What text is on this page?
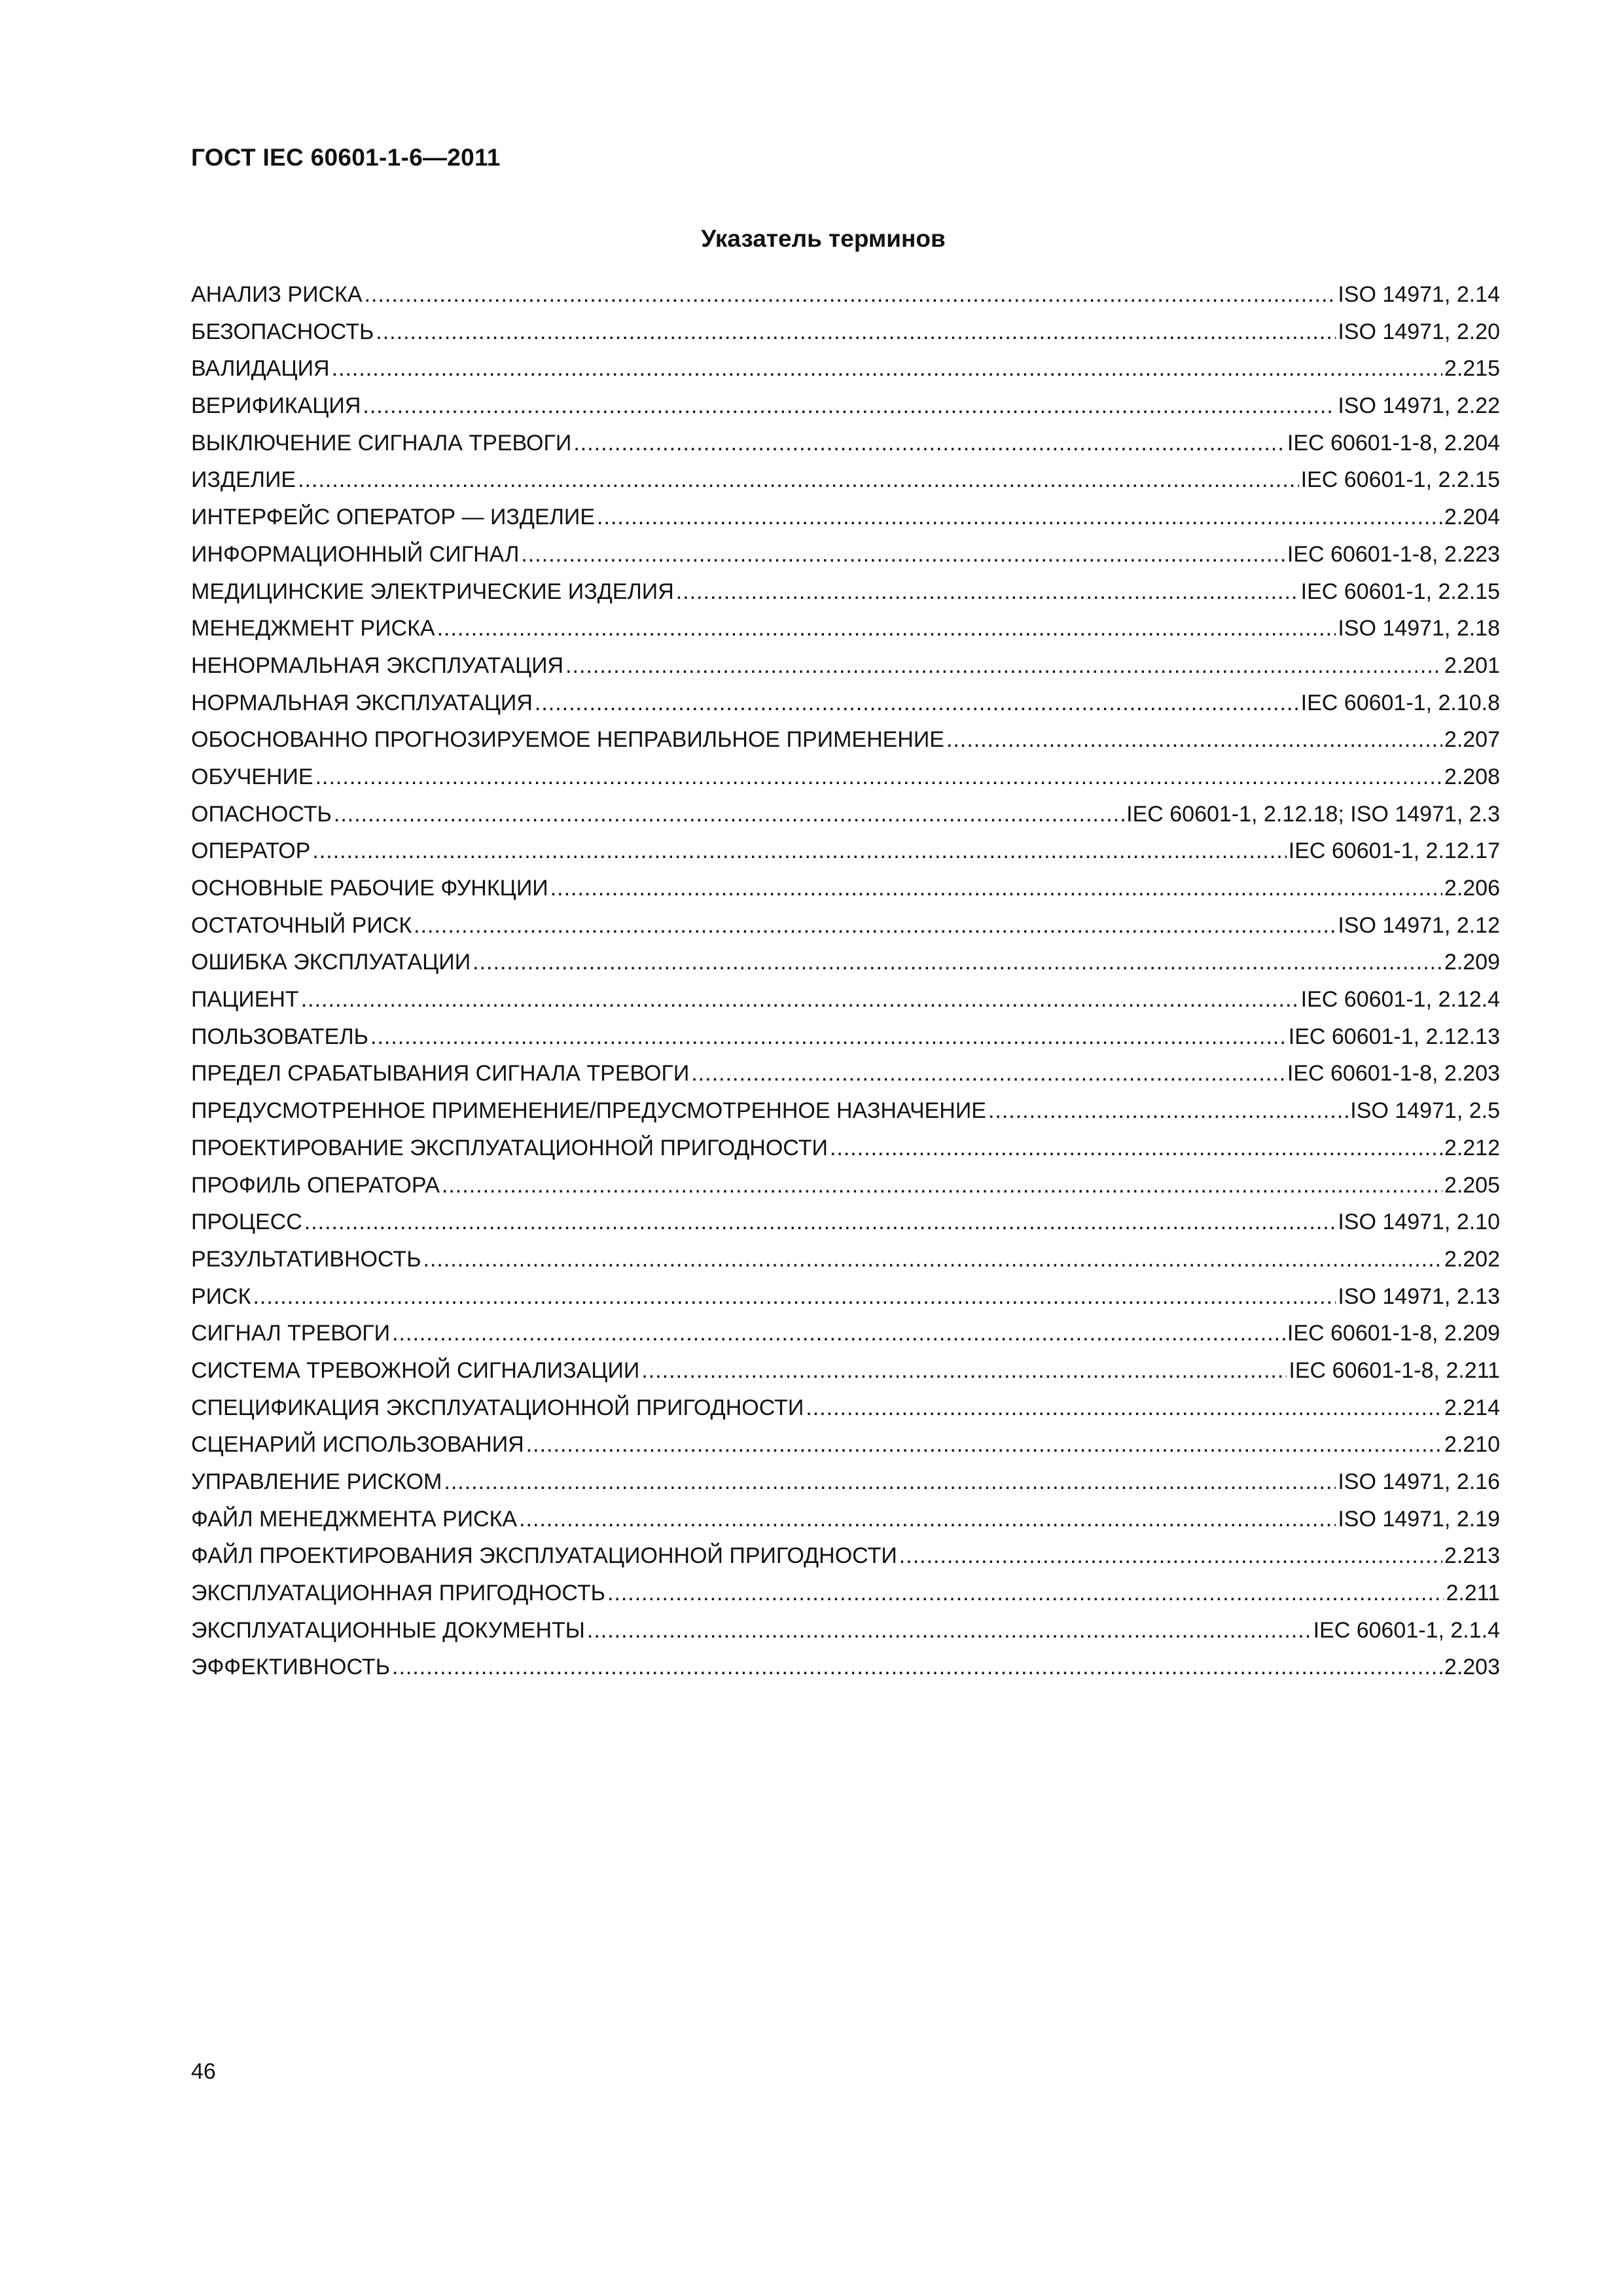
ГОСТ IEC 60601-1-6—2011
Указатель терминов
АНАЛИЗ РИСКА .....	ISO 14971, 2.14
БЕЗОПАСНОСТЬ .....	ISO 14971, 2.20
ВАЛИДАЦИЯ .....	2.215
ВЕРИФИКАЦИЯ .....	ISO 14971, 2.22
ВЫКЛЮЧЕНИЕ СИГНАЛА ТРЕВОГИ .....	IEC 60601-1-8, 2.204
ИЗДЕЛИЕ .....	IEC 60601-1, 2.2.15
ИНТЕРФЕЙС ОПЕРАТОР — ИЗДЕЛИЕ .....	2.204
ИНФОРМАЦИОННЫЙ СИГНАЛ .....	IEC 60601-1-8, 2.223
МЕДИЦИНСКИЕ ЭЛЕКТРИЧЕСКИЕ ИЗДЕЛИЯ .....	IEC 60601-1, 2.2.15
МЕНЕДЖМЕНТ РИСКА .....	ISO 14971, 2.18
НЕНОРМАЛЬНАЯ ЭКСПЛУАТАЦИЯ .....	2.201
НОРМАЛЬНАЯ ЭКСПЛУАТАЦИЯ .....	IEC 60601-1, 2.10.8
ОБОСНОВАННО ПРОГНОЗИРУЕМОЕ НЕПРАВИЛЬНОЕ ПРИМЕНЕНИЕ .....	2.207
ОБУЧЕНИЕ .....	2.208
ОПАСНОСТЬ .....	IEC 60601-1, 2.12.18; ISO 14971, 2.3
ОПЕРАТОР .....	IEC 60601-1, 2.12.17
ОСНОВНЫЕ РАБОЧИЕ ФУНКЦИИ .....	2.206
ОСТАТОЧНЫЙ РИСК .....	ISO 14971, 2.12
ОШИБКА ЭКСПЛУАТАЦИИ .....	2.209
ПАЦИЕНТ .....	IEC 60601-1, 2.12.4
ПОЛЬЗОВАТЕЛЬ .....	IEC 60601-1, 2.12.13
ПРЕДЕЛ СРАБАТЫВАНИЯ СИГНАЛА ТРЕВОГИ .....	IEC 60601-1-8, 2.203
ПРЕДУСМОТРЕННОЕ ПРИМЕНЕНИЕ/ПРЕДУСМОТРЕННОЕ НАЗНАЧЕНИЕ .....	ISO 14971, 2.5
ПРОЕКТИРОВАНИЕ ЭКСПЛУАТАЦИОННОЙ ПРИГОДНОСТИ .....	2.212
ПРОФИЛЬ ОПЕРАТОРА .....	2.205
ПРОЦЕСС .....	ISO 14971, 2.10
РЕЗУЛЬТАТИВНОСТЬ .....	2.202
РИСК .....	ISO 14971, 2.13
СИГНАЛ ТРЕВОГИ .....	IEC 60601-1-8, 2.209
СИСТЕМА ТРЕВОЖНОЙ СИГНАЛИЗАЦИИ .....	IEC 60601-1-8, 2.211
СПЕЦИФИКАЦИЯ ЭКСПЛУАТАЦИОННОЙ ПРИГОДНОСТИ .....	2.214
СЦЕНАРИЙ ИСПОЛЬЗОВАНИЯ .....	2.210
УПРАВЛЕНИЕ РИСКОМ .....	ISO 14971, 2.16
ФАЙЛ МЕНЕДЖМЕНТА РИСКА .....	ISO 14971, 2.19
ФАЙЛ ПРОЕКТИРОВАНИЯ ЭКСПЛУАТАЦИОННОЙ ПРИГОДНОСТИ .....	2.213
ЭКСПЛУАТАЦИОННАЯ ПРИГОДНОСТЬ .....	2.211
ЭКСПЛУАТАЦИОННЫЕ ДОКУМЕНТЫ .....	IEC 60601-1, 2.1.4
ЭФФЕКТИВНОСТЬ .....	2.203
46
